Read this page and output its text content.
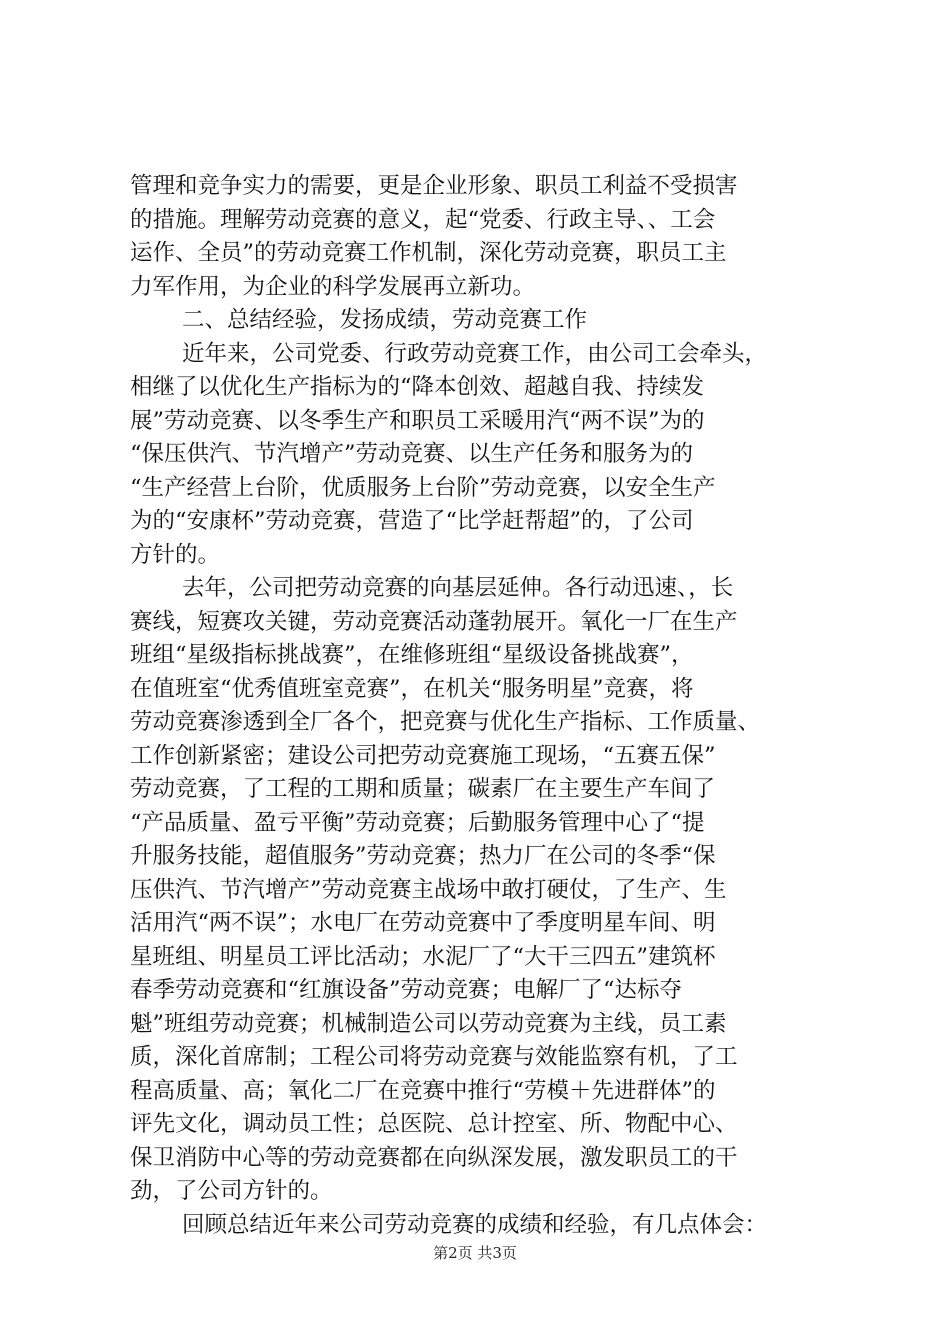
管理和竞争实力的需要，更是企业形象、职员工利益不受损害
的措施。理解劳动竞赛的意义，起“党委、行政主导、、工会
运作、全员”的劳动竞赛工作机制，深化劳动竞赛，职员工主
力军作用，为企业的科学发展再立新功。
二、总结经验，发扬成绩，劳动竞赛工作
近年来，公司党委、行政劳动竞赛工作，由公司工会牵头，
相继了以优化生产指标为的“降本创效、超越自我、持续发
展”劳动竞赛、以冬季生产和职员工采暖用汽“两不误”为的
“保压供汽、节汽增产”劳动竞赛、以生产任务和服务为的
“生产经营上台阶，优质服务上台阶”劳动竞赛，以安全生产
为的“安康杯”劳动竞赛，营造了“比学赶帮超”的，了公司
方针的。
去年，公司把劳动竞赛的向基层延伸。各行动迅速、，长
赛线，短赛攻关键，劳动竞赛活动蓬勃展开。氧化一厂在生产
班组“星级指标挑战赛”，在维修班组“星级设备挑战赛”，
在值班室“优秀值班室竞赛”，在机关“服务明星”竞赛，将
劳动竞赛渗透到全厂各个，把竞赛与优化生产指标、工作质量、
工作创新紧密；建设公司把劳动竞赛施工现场，“五赛五保”
劳动竞赛，了工程的工期和质量；碳素厂在主要生产车间了
“产品质量、盈亏平衡”劳动竞赛；后勤服务管理中心了“提
升服务技能，超值服务”劳动竞赛；热力厂在公司的冬季“保
压供汽、节汽增产”劳动竞赛主战场中敢打硬仗，了生产、生
活用汽“两不误”；水电厂在劳动竞赛中了季度明星车间、明
星班组、明星员工评比活动；水泥厂了“大干三四五”建筑杯
春季劳动竞赛和“红旗设备”劳动竞赛；电解厂了“达标夺
魁”班组劳动竞赛；机械制造公司以劳动竞赛为主线，员工素
质，深化首席制；工程公司将劳动竞赛与效能监察有机，了工
程高质量、高；氧化二厂在竞赛中推行“劳模＋先进群体”的
评先文化，调动员工性；总医院、总计控室、所、物配中心、
保卫消防中心等的劳动竞赛都在向纵深发展，激发职员工的干
劲，了公司方针的。
回顾总结近年来公司劳动竞赛的成绩和经验，有几点体会：
第2页 共3页
